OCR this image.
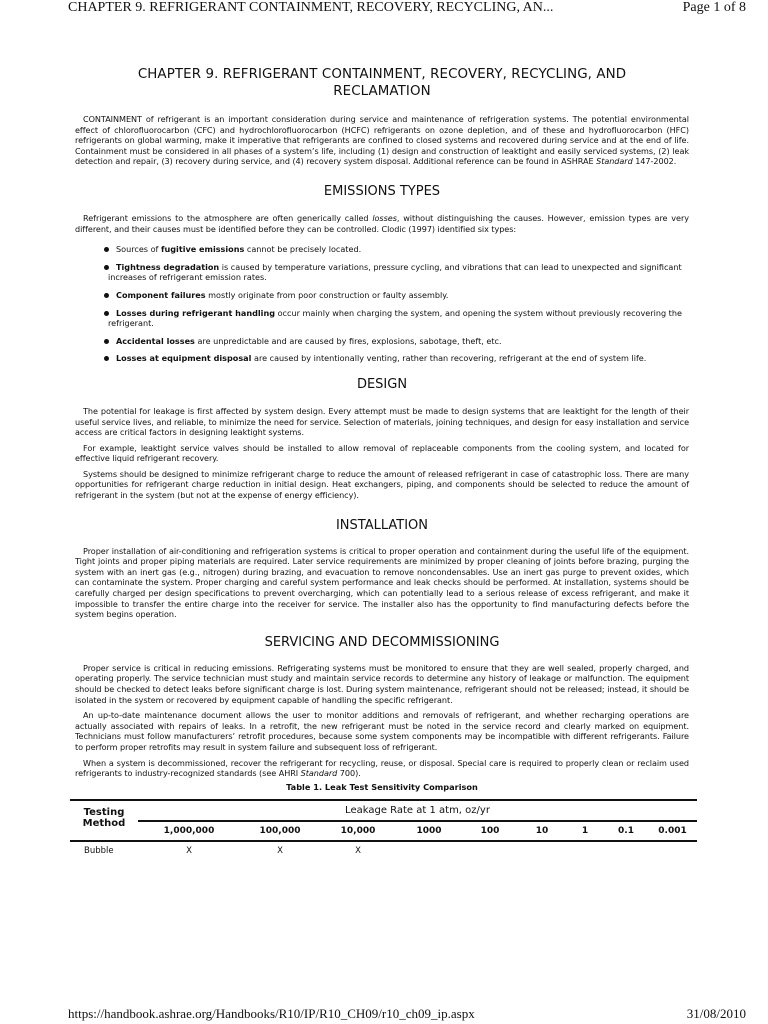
CHAPTER 9. REFRIGERANT CONTAINMENT, RECOVERY, RECYCLING, AN...	Page 1 of 8
CHAPTER 9. REFRIGERANT CONTAINMENT, RECOVERY, RECYCLING, AND
RECLAMATION

CONTAINMENT of refrigerant is an important consideration during service and maintenance of refrigeration systems. The potential environmental effect of chlorofluorocarbon (CFC) and hydrochlorofluorocarbon (HCFC) refrigerants on ozone depletion, and of these and hydrofluorocarbon (HFC) refrigerants on global warming, make it imperative that refrigerants are confined to closed systems and recovered during service and at the end of life. Containment must be considered in all phases of a system’s life, including (1) design and construction of leaktight and easily serviced systems, (2) leak detection and repair, (3) recovery during service, and (4) recovery system disposal. Additional reference can be found in ASHRAE Standard 147-2002.

EMISSIONS TYPES

Refrigerant emissions to the atmosphere are often generically called losses, without distinguishing the causes. However, emission types are very different, and their causes must be identified before they can be controlled. Clodic (1997) identified six types:

Sources of fugitive emissions cannot be precisely located.
Tightness degradation is caused by temperature variations, pressure cycling, and vibrations that can lead to unexpected and significant increases of refrigerant emission rates.
Component failures mostly originate from poor construction or faulty assembly.
Losses during refrigerant handling occur mainly when charging the system, and opening the system without previously recovering the refrigerant.
Accidental losses are unpredictable and are caused by fires, explosions, sabotage, theft, etc.
Losses at equipment disposal are caused by intentionally venting, rather than recovering, refrigerant at the end of system life.
DESIGN

The potential for leakage is first affected by system design. Every attempt must be made to design systems that are leaktight for the length of their useful service lives, and reliable, to minimize the need for service. Selection of materials, joining techniques, and design for easy installation and service access are critical factors in designing leaktight systems.

For example, leaktight service valves should be installed to allow removal of replaceable components from the cooling system, and located for effective liquid refrigerant recovery.

Systems should be designed to minimize refrigerant charge to reduce the amount of released refrigerant in case of catastrophic loss. There are many opportunities for refrigerant charge reduction in initial design. Heat exchangers, piping, and components should be selected to reduce the amount of refrigerant in the system (but not at the expense of energy efficiency).

INSTALLATION

Proper installation of air-conditioning and refrigeration systems is critical to proper operation and containment during the useful life of the equipment. Tight joints and proper piping materials are required. Later service requirements are minimized by proper cleaning of joints before brazing, purging the system with an inert gas (e.g., nitrogen) during brazing, and evacuation to remove noncondensables. Use an inert gas purge to prevent oxides, which can contaminate the system. Proper charging and careful system performance and leak checks should be performed. At installation, systems should be carefully charged per design specifications to prevent overcharging, which can potentially lead to a serious release of excess refrigerant, and make it impossible to transfer the entire charge into the receiver for service. The installer also has the opportunity to find manufacturing defects before the system begins operation.

SERVICING AND DECOMMISSIONING

Proper service is critical in reducing emissions. Refrigerating systems must be monitored to ensure that they are well sealed, properly charged, and operating properly. The service technician must study and maintain service records to determine any history of leakage or malfunction. The equipment should be checked to detect leaks before significant charge is lost. During system maintenance, refrigerant should not be released; instead, it should be isolated in the system or recovered by equipment capable of handling the specific refrigerant.

An up-to-date maintenance document allows the user to monitor additions and removals of refrigerant, and whether recharging operations are actually associated with repairs of leaks. In a retrofit, the new refrigerant must be noted in the service record and clearly marked on equipment. Technicians must follow manufacturers’ retrofit procedures, because some system components may be incompatible with different refrigerants. Failure to perform proper retrofits may result in system failure and subsequent loss of refrigerant.

When a system is decommissioned, recover the refrigerant for recycling, reuse, or disposal. Special care is required to properly clean or reclaim used refrigerants to industry-recognized standards (see AHRI Standard 700).

Table 1. Leak Test Sensitivity Comparison
Testing
Method	Leakage Rate at 1 atm, oz/yr								
	1,000,000	100,000	10,000	1000	100	10	1	0.1	0.001
Bubble	X	X	X						
https://handbook.ashrae.org/Handbooks/R10/IP/R10_CH09/r10_ch09_ip.aspx	31/08/2010
